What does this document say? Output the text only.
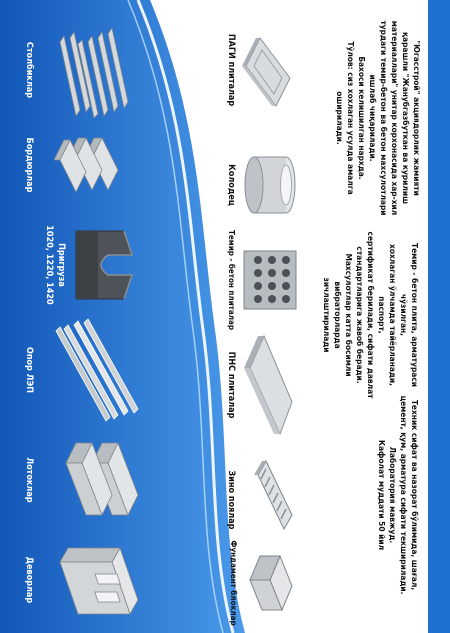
"Югасстрой" акциядорлик жамияти

қарашли "Жанубгазбуткан ва курилиш

материаллари" унитар корхонасида хар-хил

турдаги темир-бетон ва бетон махсулотлари

ишлаб чиқарилади.

Бахоси келишилган нархда.

Тўлов: сиз хохлаган усулда амалга

оширилади.

Темир - бетон плита, арматураси чўзилган,

хохлаган ўлчамда тайёрланади, паспорт,

сертификат берилади, сифати давлат

стандартларига жавоб беради.

Махсулотлар катта босимли вибраторларда

зичлаштирилади

Техник сифат ва назорат бўлимида, шағал,

цемент, қум, арматура сифати текширилади.

Лаборатория мавжуд.

Кафолат муддати 50 йил

ПАГИ плиталар
Колодец
Темир - бетон плиталар
ПНС плиталар
Зино поялар
Фундамент блоклар
Столбиклар
Бордюрлар
Пригруза
1020, 1220, 1420
Опор ЛЭП
Лотоклар
Деворлар
